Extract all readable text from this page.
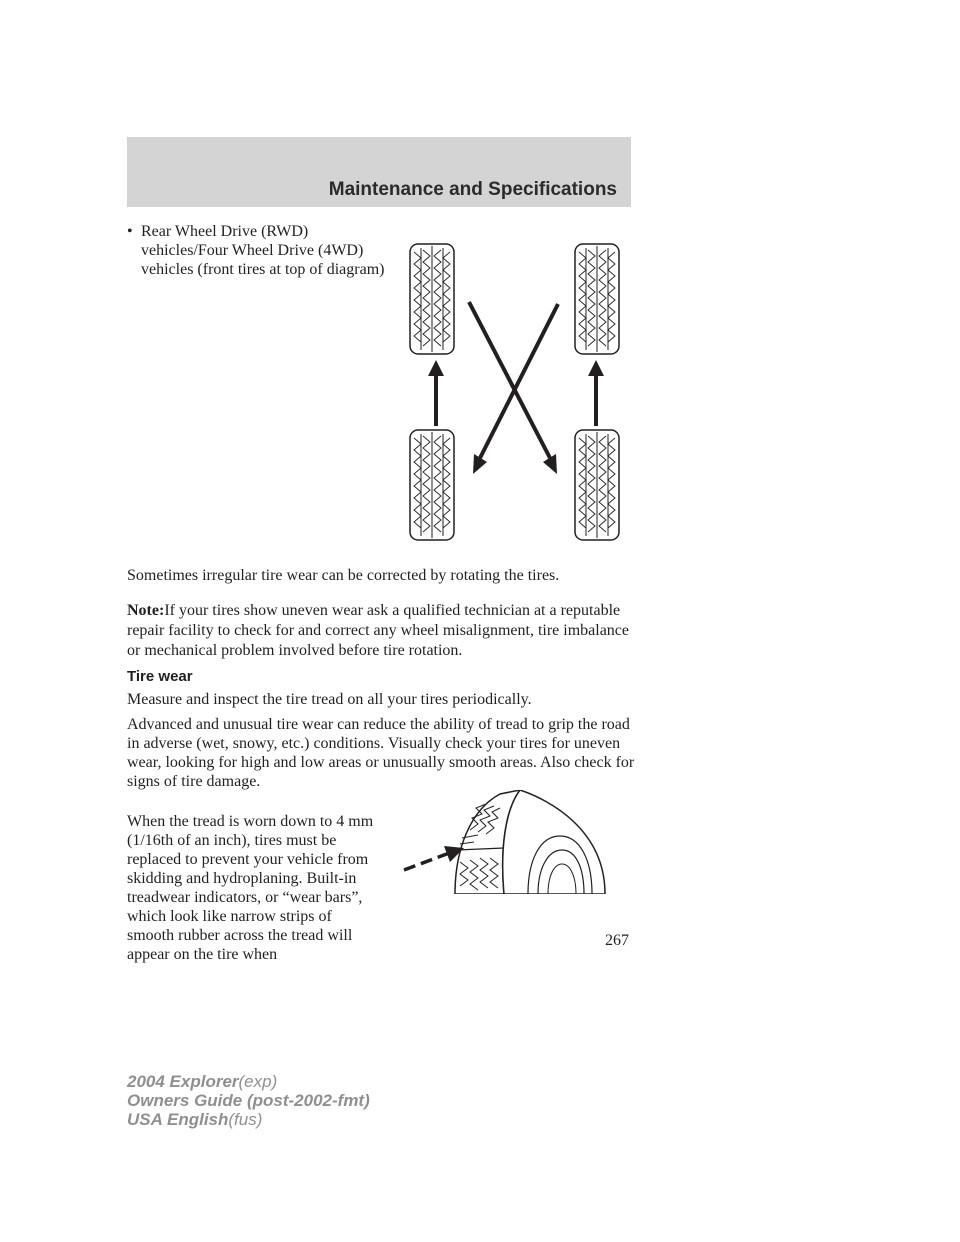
Maintenance and Specifications
• Rear Wheel Drive (RWD) vehicles/Four Wheel Drive (4WD) vehicles (front tires at top of diagram)
Sometimes irregular tire wear can be corrected by rotating the tires.
Note:If your tires show uneven wear ask a qualified technician at a reputable repair facility to check for and correct any wheel misalignment, tire imbalance or mechanical problem involved before tire rotation.
Tire wear
Measure and inspect the tire tread on all your tires periodically.
Advanced and unusual tire wear can reduce the ability of tread to grip the road in adverse (wet, snowy, etc.) conditions. Visually check your tires for uneven wear, looking for high and low areas or unusually smooth areas. Also check for signs of tire damage.
When the tread is worn down to 4 mm (1/16th of an inch), tires must be replaced to prevent your vehicle from skidding and hydroplaning. Built-in treadwear indicators, or “wear bars”, which look like narrow strips of smooth rubber across the tread will appear on the tire when
267
2004 Explorer(exp)
Owners Guide (post-2002-fmt)
USA English(fus)
